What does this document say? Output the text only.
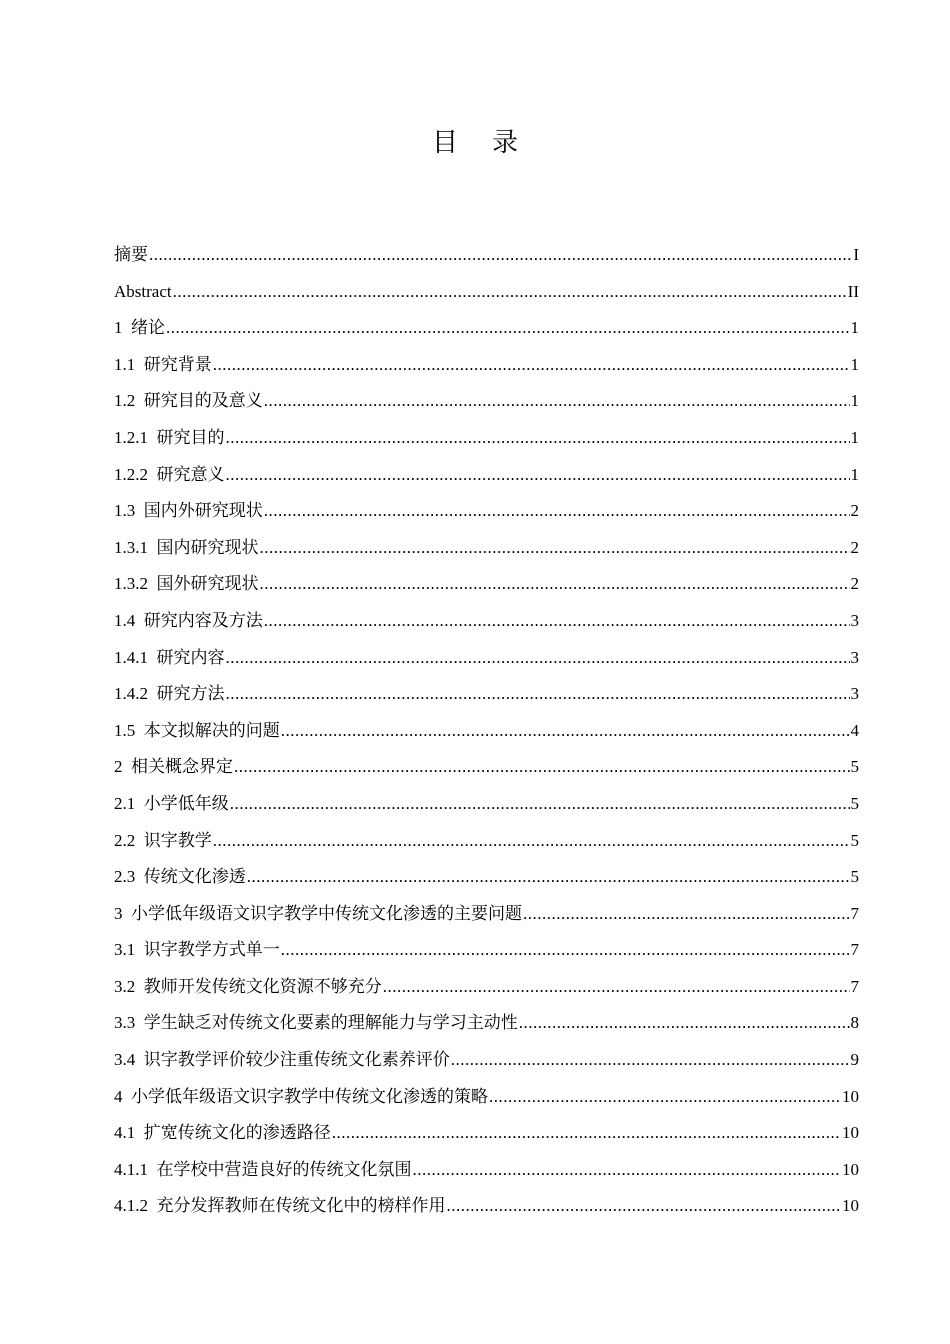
目 录
摘要 .....	I
Abstract .....	II
1  绪论 .....	1
1.1  研究背景 .....	1
1.2  研究目的及意义 .....	1
1.2.1  研究目的 .....	1
1.2.2  研究意义 .....	1
1.3  国内外研究现状 .....	2
1.3.1  国内研究现状 .....	2
1.3.2  国外研究现状 .....	2
1.4  研究内容及方法 .....	3
1.4.1  研究内容 .....	3
1.4.2  研究方法 .....	3
1.5  本文拟解决的问题 .....	4
2  相关概念界定 .....	5
2.1  小学低年级 .....	5
2.2  识字教学 .....	5
2.3  传统文化渗透 .....	5
3  小学低年级语文识字教学中传统文化渗透的主要问题 .....	7
3.1  识字教学方式单一 .....	7
3.2  教师开发传统文化资源不够充分 .....	7
3.3  学生缺乏对传统文化要素的理解能力与学习主动性 .....	8
3.4  识字教学评价较少注重传统文化素养评价 .....	9
4  小学低年级语文识字教学中传统文化渗透的策略 .....	10
4.1  扩宽传统文化的渗透路径 .....	10
4.1.1  在学校中营造良好的传统文化氛围 .....	10
4.1.2  充分发挥教师在传统文化中的榜样作用 .....	10
